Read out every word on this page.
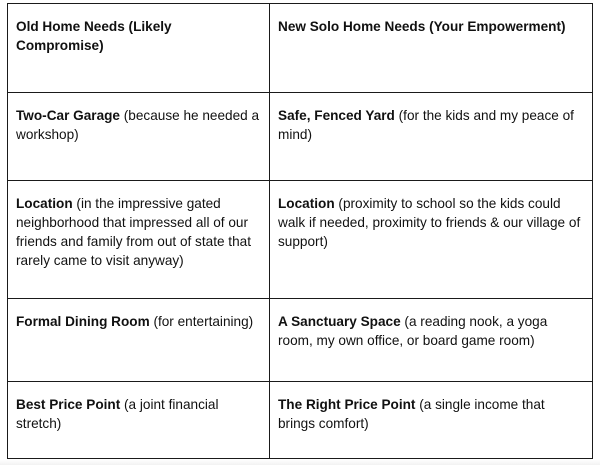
Old Home Needs (Likely Compromise)	New Solo Home Needs (Your Empowerment)
Two-Car Garage (because he needed a workshop)	Safe, Fenced Yard (for the kids and my peace of mind)
Location (in the impressive gated neighborhood that impressed all of our friends and family from out of state that rarely came to visit anyway)	Location (proximity to school so the kids could walk if needed, proximity to friends & our village of support)
Formal Dining Room (for entertaining)	A Sanctuary Space (a reading nook, a yoga room, my own office, or board game room)
Best Price Point (a joint financial stretch)	The Right Price Point (a single income that brings comfort)
